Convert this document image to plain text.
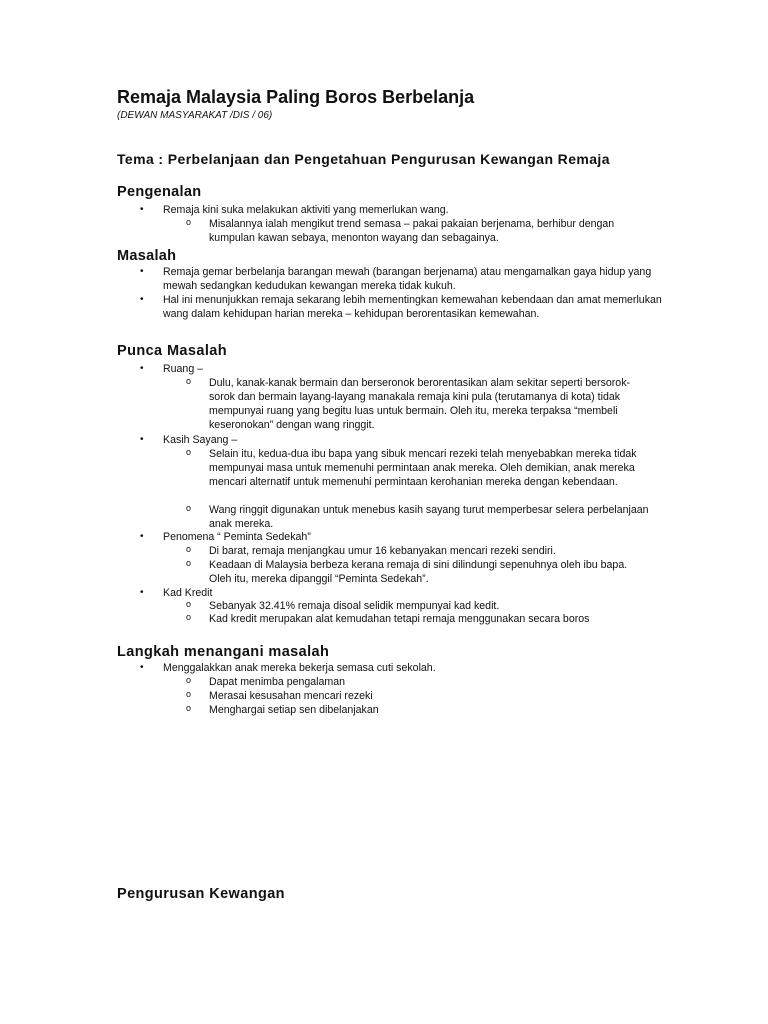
Remaja Malaysia Paling Boros Berbelanja

(DEWAN MASYARAKAT /DIS / 06)

Tema : Perbelanjaan dan Pengetahuan Pengurusan Kewangan Remaja
Pengenalan
• Remaja kini suka melakukan aktiviti yang memerlukan wang.

o Misalannya ialah mengikut trend semasa – pakai pakaian berjenama, berhibur dengan kumpulan kawan sebaya, menonton wayang dan sebagainya.

Masalah
• Remaja gemar berbelanja barangan mewah (barangan berjenama) atau mengamalkan gaya hidup yang mewah sedangkan kedudukan kewangan mereka tidak kukuh.

• Hal ini menunjukkan remaja sekarang lebih mementingkan kemewahan kebendaan dan amat memerlukan wang dalam kehidupan harian mereka – kehidupan berorentasikan kemewahan.

Punca Masalah
• Ruang –

o Dulu, kanak-kanak bermain dan berseronok berorentasikan alam sekitar seperti bersorok-sorok dan bermain layang-layang manakala remaja kini pula (terutamanya di kota) tidak mempunyai ruang yang begitu luas untuk bermain. Oleh itu, mereka terpaksa “membeli keseronokan” dengan wang ringgit.

• Kasih Sayang –

o Selain itu, kedua-dua ibu bapa yang sibuk mencari rezeki telah menyebabkan mereka tidak mempunyai masa untuk memenuhi permintaan anak mereka. Oleh demikian, anak mereka mencari alternatif untuk memenuhi permintaan kerohanian mereka dengan kebendaan.

o Wang ringgit digunakan untuk menebus kasih sayang turut memperbesar selera perbelanjaan anak mereka.

• Penomena “ Peminta Sedekah”

o Di barat, remaja menjangkau umur 16 kebanyakan mencari rezeki sendiri.

o Keadaan di Malaysia berbeza kerana remaja di sini dilindungi sepenuhnya oleh ibu bapa. Oleh itu, mereka dipanggil “Peminta Sedekah”.

• Kad Kredit

o Sebanyak 32.41% remaja disoal selidik mempunyai kad kedit.

o Kad kredit merupakan alat kemudahan tetapi remaja menggunakan secara boros

Langkah menangani masalah
• Menggalakkan anak mereka bekerja semasa cuti sekolah.

o Dapat menimba pengalaman

o Merasai kesusahan mencari rezeki

o Menghargai setiap sen dibelanjakan

Pengurusan Kewangan
